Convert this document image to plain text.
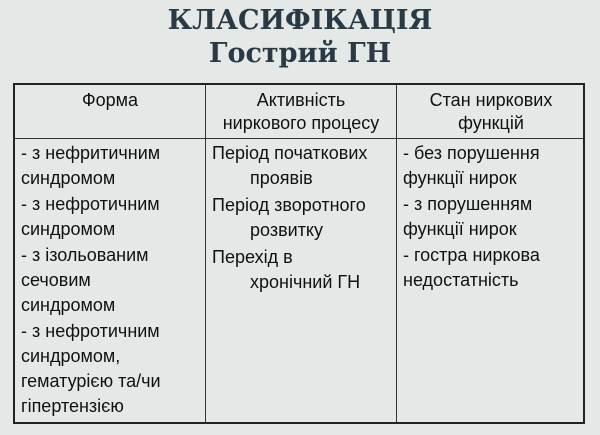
КЛАСИФІКАЦІЯ
Гострий ГН
Форма	Активність ниркового процесу
Стан ниркових функцій
- з нефритичним синдромом
- з нефротичним синдромом
- з ізольованим сечовим синдромом
- з нефротичним синдромом, гематурією та/чи гіпертензією
Період початкових проявів
Період зворотного розвитку
Перехід в хронічний ГН
- без порушення функції нирок
- з порушенням функції нирок
- гостра ниркова недостатність
